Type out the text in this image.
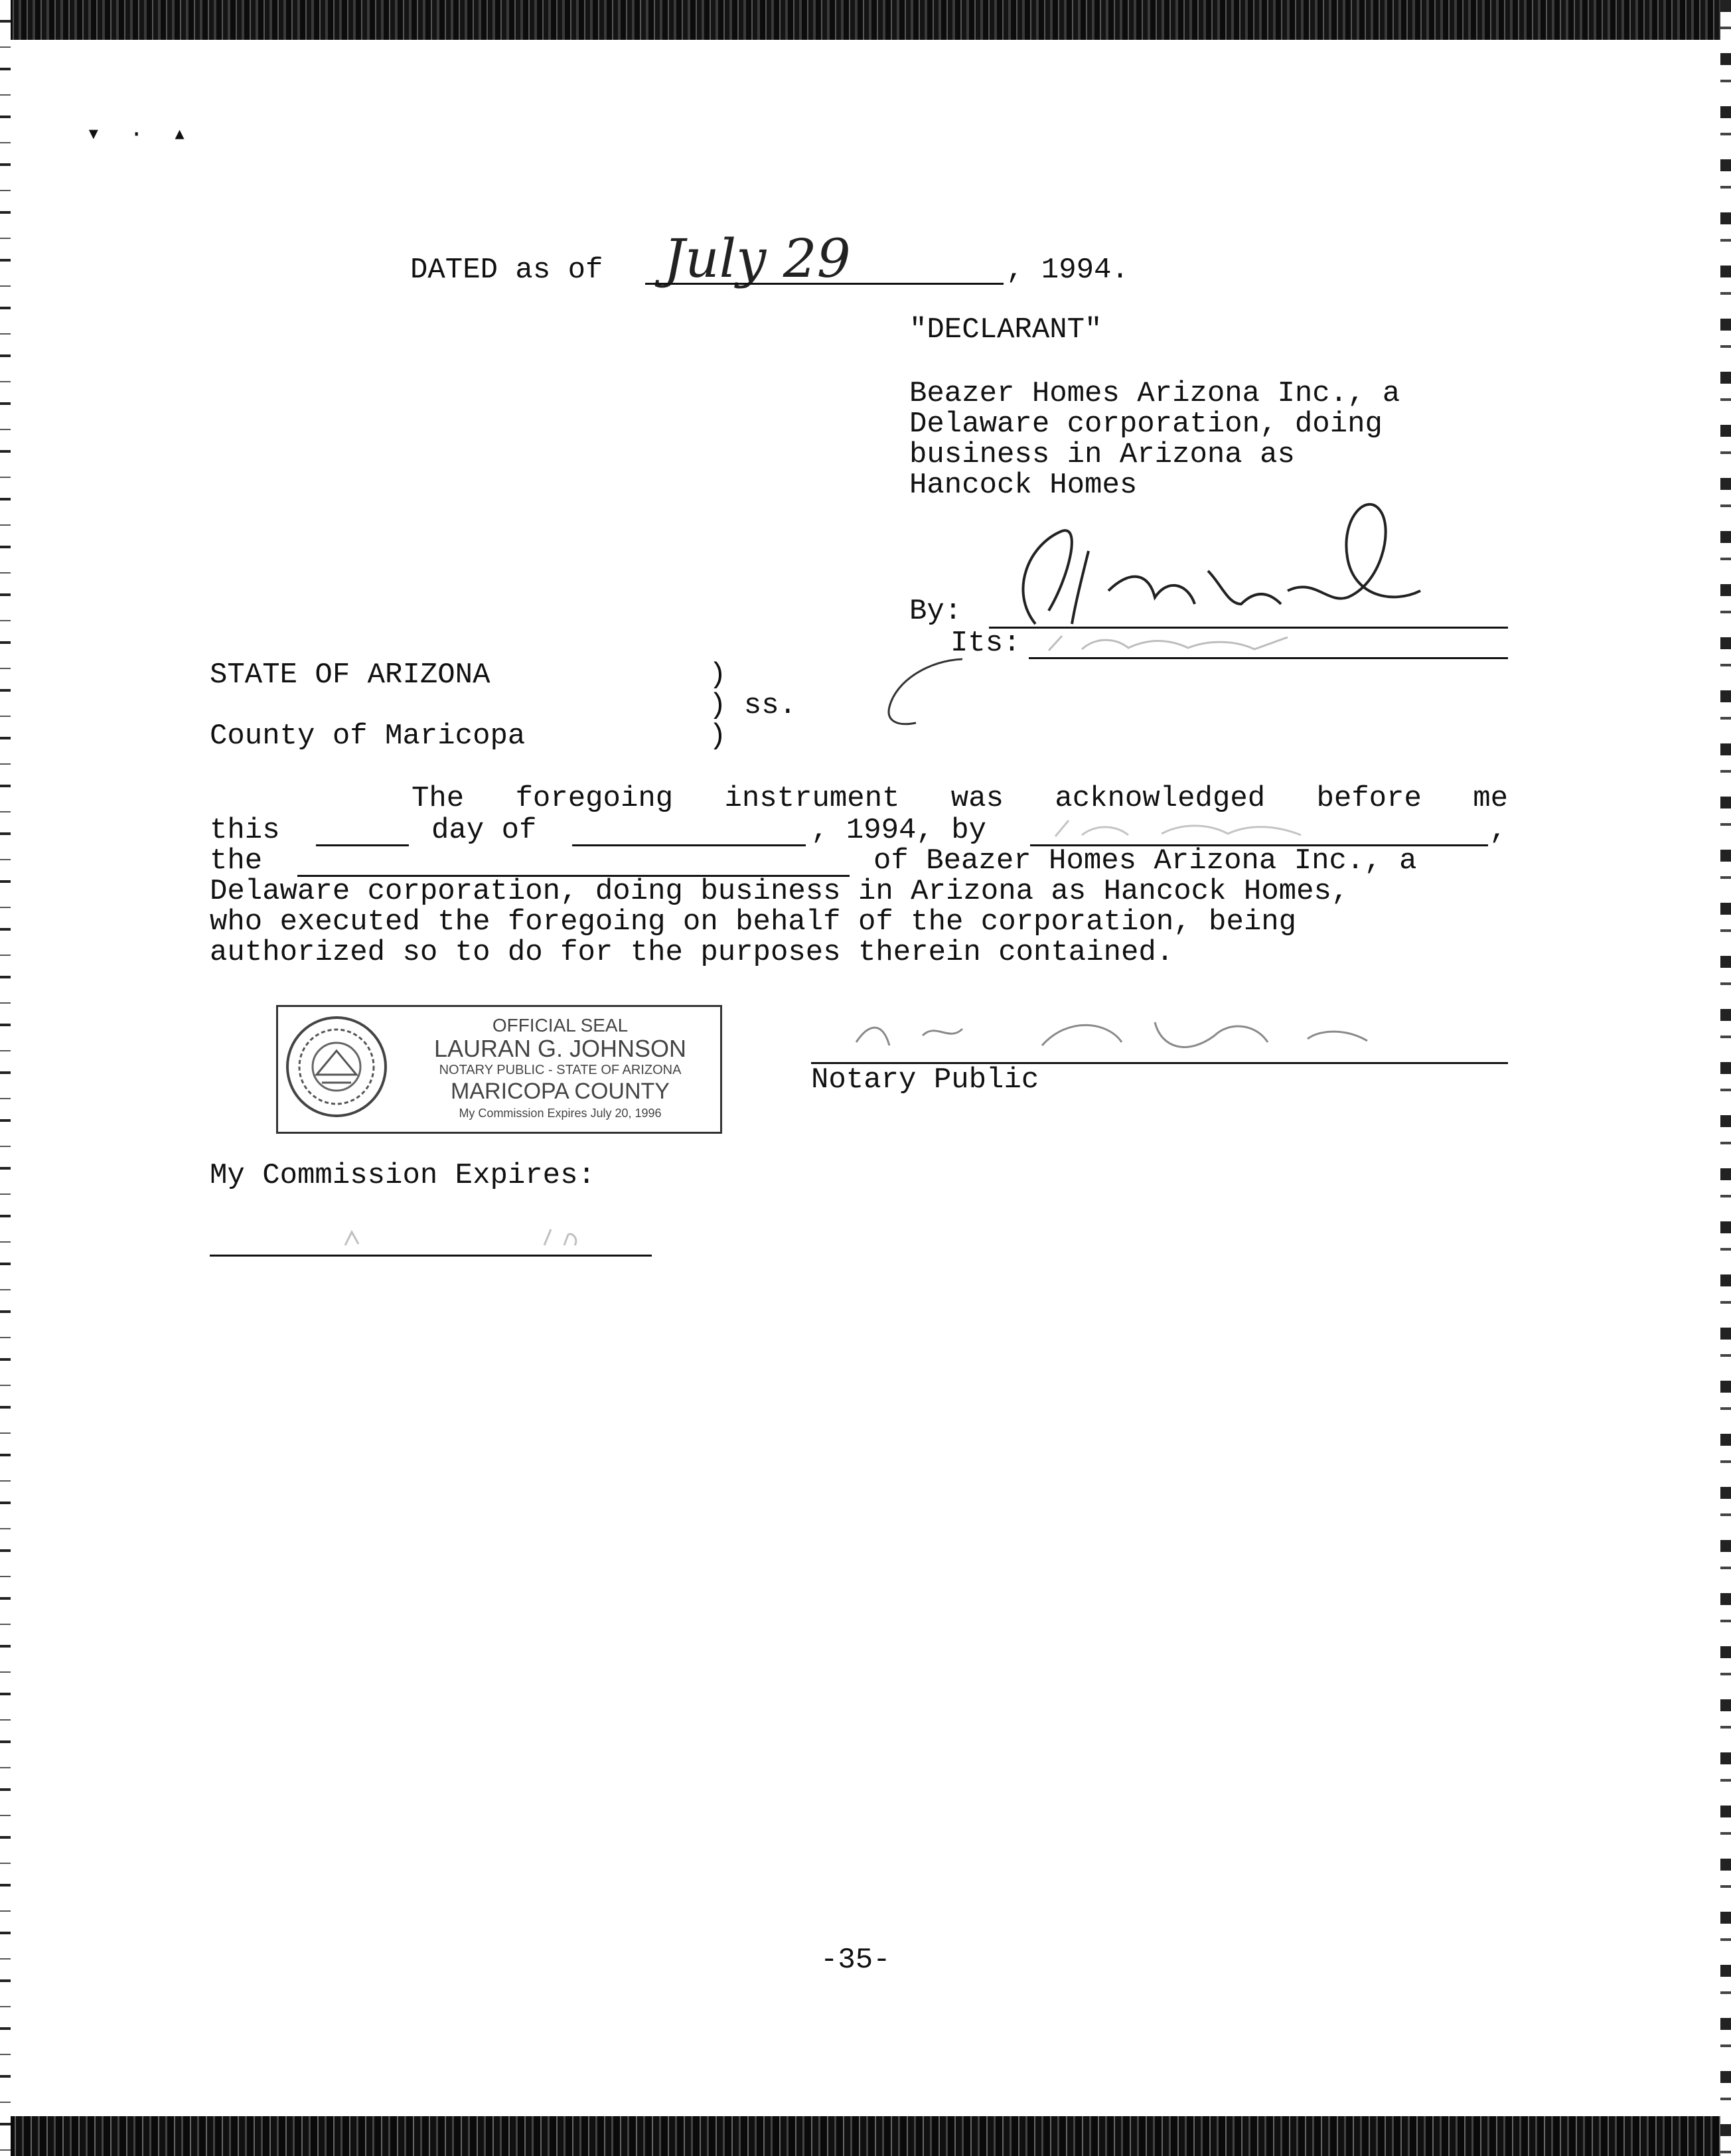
▾  ·  ▴
DATED as of July 29	, 1994.
"DECLARANT"
Beazer Homes Arizona Inc., a
Delaware corporation, doing
business in Arizona as
Hancock Homes
By:
Its:
STATE OF ARIZONA	)
) ss.
County of Maricopa	)
The foregoing instrument was acknowledged before me
this	day of	, 1994, by	,
the	of Beazer Homes Arizona Inc., a
Delaware corporation, doing business in Arizona as Hancock Homes,
who executed the foregoing on behalf of the corporation, being
authorized so to do for the purposes therein contained.
OFFICIAL SEAL
LAURAN G. JOHNSON
NOTARY PUBLIC - STATE OF ARIZONA
MARICOPA COUNTY
My Commission Expires July 20, 1996
Notary Public
My Commission Expires:
-35-
